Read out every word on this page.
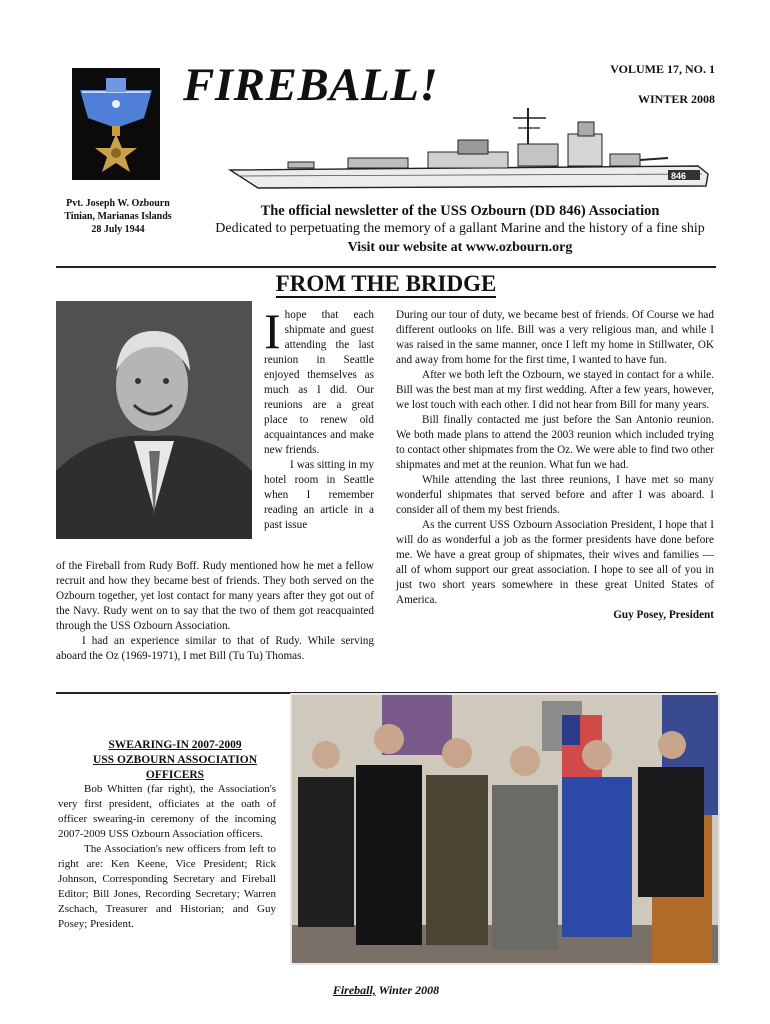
FIREBALL!	VOLUME 17, NO. 1
WINTER 2008
846
Pvt. Joseph W. Ozbourn
Tinian, Marianas Islands
28 July 1944
The official newsletter of the USS Ozbourn (DD 846) Association
Dedicated to perpetuating the memory of a gallant Marine and the history of a fine ship
Visit our website at www.ozbourn.org
FROM THE BRIDGE
I hope that each shipmate and guest attending the last reunion in Seattle enjoyed themselves as much as I did. Our reunions are a great place to renew old acquaintances and make new friends.
I was sitting in my hotel room in Seattle when I remember reading an article in a past issue

of the Fireball from Rudy Boff. Rudy mentioned how he met a fellow recruit and how they became best of friends. They both served on the Ozbourn together, yet lost contact for many years after they got out of the Navy. Rudy went on to say that the two of them got reacquainted through the USS Ozbourn Association.

I had an experience similar to that of Rudy. While serving aboard the Oz (1969-1971), I met Bill (Tu Tu) Thomas.

During our tour of duty, we became best of friends. Of Course we had different outlooks on life. Bill was a very religious man, and while I was raised in the same manner, once I left my home in Stillwater, OK and away from home for the first time, I wanted to have fun.

After we both left the Ozbourn, we stayed in contact for a while. Bill was the best man at my first wedding. After a few years, however, we lost touch with each other. I did not hear from Bill for many years.

Bill finally contacted me just before the San Antonio reunion. We both made plans to attend the 2003 reunion which included trying to contact other shipmates from the Oz. We were able to find two other shipmates and met at the reunion. What fun we had.

While attending the last three reunions, I have met so many wonderful shipmates that served before and after I was aboard. I consider all of them my best friends.

As the current USS Ozbourn Association President, I hope that I will do as wonderful a job as the former presidents have done before me. We have a great group of shipmates, their wives and families — all of whom support our great association. I hope to see all of you in just two short years somewhere in these great United States of America.

Guy Posey, President

SWEARING-IN 2007-2009
USS OZBOURN ASSOCIATION
OFFICERS

Bob Whitten (far right), the Association's very first president, officiates at the oath of officer swearing-in ceremony of the incoming 2007-2009 USS Ozbourn Association officers.

The Association's new officers from left to right are: Ken Keene, Vice President; Rick Johnson, Corresponding Secretary and Fireball Editor; Bill Jones, Recording Secretary; Warren Zschach, Treasurer and Historian; and Guy Posey; President.

Fireball, Winter 2008
